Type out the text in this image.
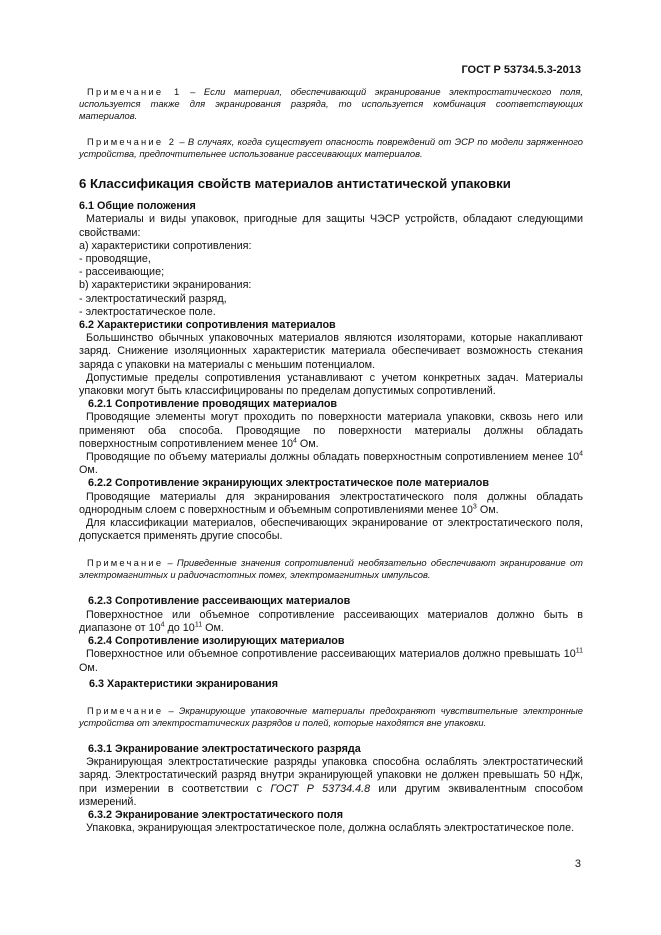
ГОСТ Р 53734.5.3-2013

Примечание 1 – Если материал, обеспечивающий экранирование электростатического поля, используется также для экранирования разряда, то используется комбинация соответствующих материалов.

Примечание 2 – В случаях, когда существует опасность повреждений от ЭСР по модели заряженного устройства, предпочтительнее использование рассеивающих материалов.

6 Классификация свойств материалов антистатической упаковки

6.1 Общие положения

Материалы и виды упаковок, пригодные для защиты ЧЭСР устройств, обладают следующими свойствами:

а) характеристики сопротивления:

- проводящие,

- рассеивающие;

b) характеристики экранирования:

- электростатический разряд,

- электростатическое поле.

6.2 Характеристики сопротивления материалов

Большинство обычных упаковочных материалов являются изоляторами, которые накапливают заряд. Снижение изоляционных характеристик материала обеспечивает возможность стекания заряда с упаковки на материалы с меньшим потенциалом.

Допустимые пределы сопротивления устанавливают с учетом конкретных задач. Материалы упаковки могут быть классифицированы по пределам допустимых сопротивлений.

6.2.1 Сопротивление проводящих материалов

Проводящие элементы могут проходить по поверхности материала упаковки, сквозь него или применяют оба способа. Проводящие по поверхности материалы должны обладать поверхностным сопротивлением менее $10^4$ Ом.

Проводящие по объему материалы должны обладать поверхностным сопротивлением менее $10^4$ Ом.

6.2.2 Сопротивление экранирующих электростатическое поле материалов

Проводящие материалы для экранирования электростатического поля должны обладать однородным слоем с поверхностным и объемным сопротивлениями менее $10^3$ Ом.

Для классификации материалов, обеспечивающих экранирование от электростатического поля, допускается применять другие способы.

Примечание – Приведенные значения сопротивлений необязательно обеспечивают экранирование от электромагнитных и радиочастотных помех, электромагнитных импульсов.

6.2.3 Сопротивление рассеивающих материалов

Поверхностное или объемное сопротивление рассеивающих материалов должно быть в диапазоне от $10^4$ до $10^{11}$ Ом.

6.2.4 Сопротивление изолирующих материалов

Поверхностное или объемное сопротивление рассеивающих материалов должно превышать $10^{11}$ Ом.

6.3 Характеристики экранирования

Примечание – Экранирующие упаковочные материалы предохраняют чувствительные электронные устройства от электростатических разрядов и полей, которые находятся вне упаковки.

6.3.1 Экранирование электростатического разряда

Экранирующая электростатические разряды упаковка способна ослаблять электростатический заряд. Электростатический разряд внутри экранирующей упаковки не должен превышать 50 нДж, при измерении в соответствии с ГОСТ Р 53734.4.8 или другим эквивалентным способом измерений.

6.3.2 Экранирование электростатического поля

Упаковка, экранирующая электростатическое поле, должна ослаблять электростатическое поле.

3
